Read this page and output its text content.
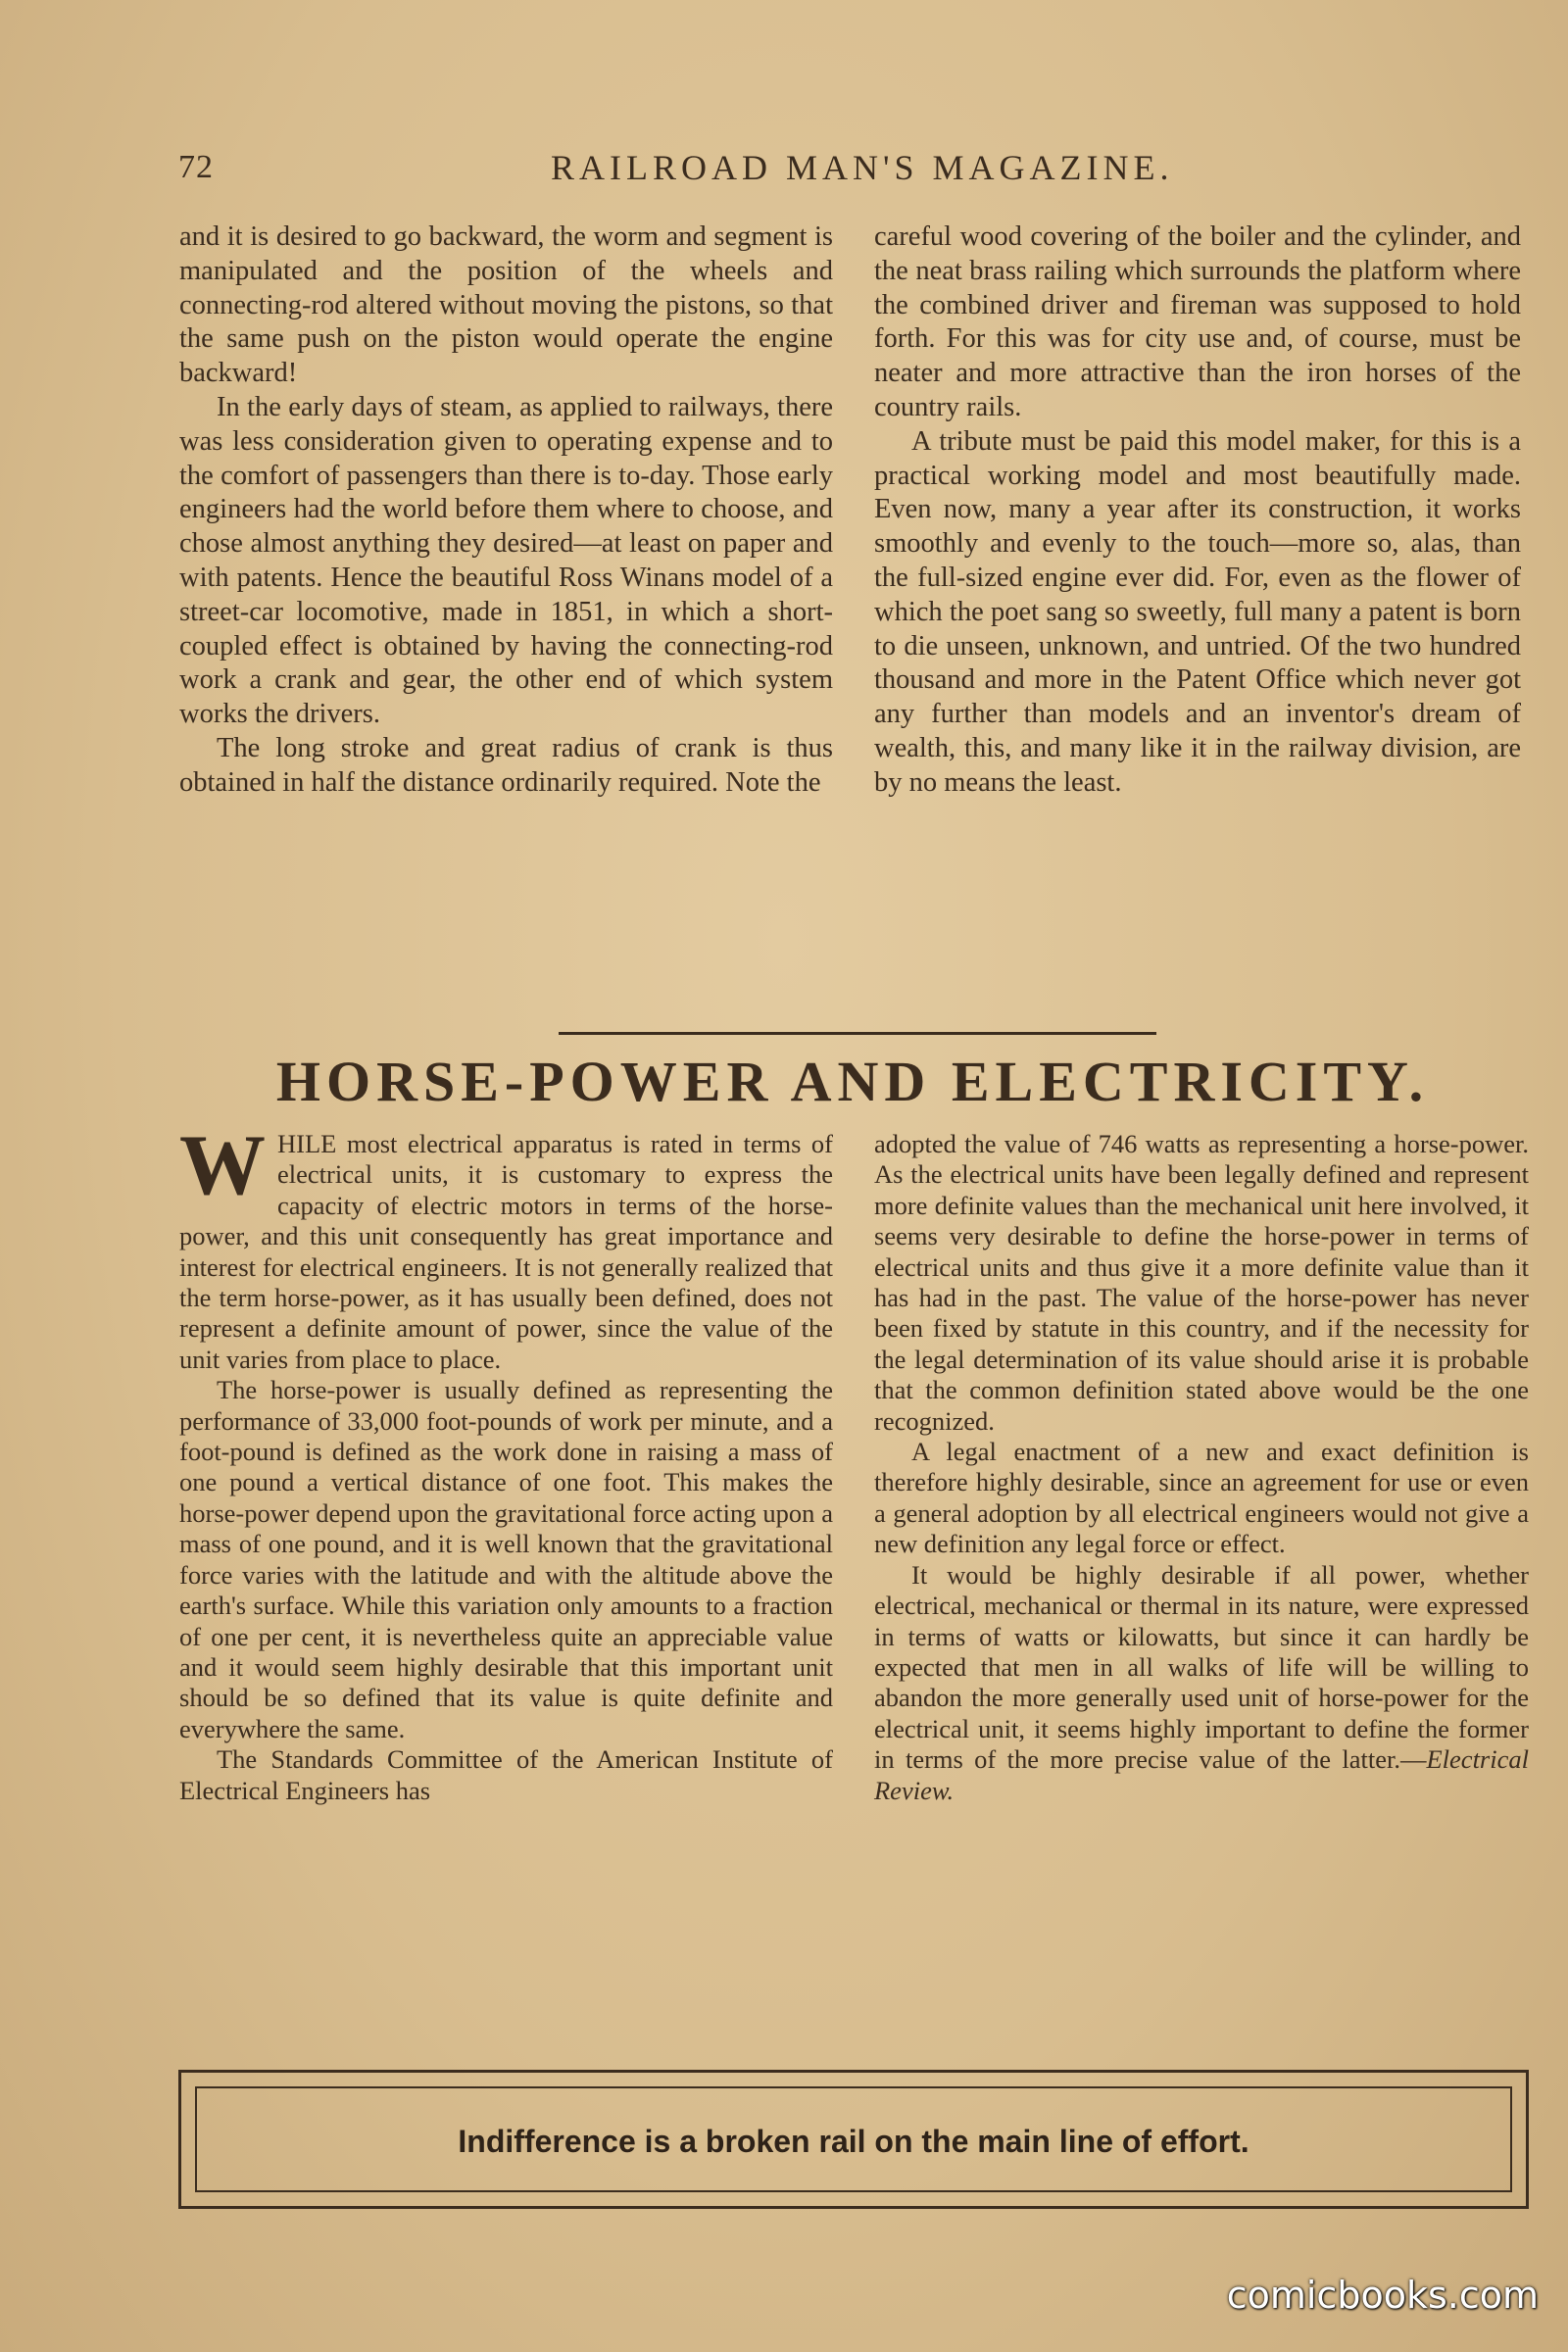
72	RAILROAD MAN'S MAGAZINE.

and it is desired to go backward, the worm and segment is manipulated and the position of the wheels and connecting-rod altered without moving the pistons, so that the same push on the piston would operate the engine backward!

In the early days of steam, as applied to railways, there was less consideration given to operating expense and to the comfort of passengers than there is to-day. Those early engineers had the world before them where to choose, and chose almost anything they desired—at least on paper and with patents. Hence the beautiful Ross Winans model of a street-car locomotive, made in 1851, in which a short-coupled effect is obtained by having the connecting-rod work a crank and gear, the other end of which system works the drivers.

The long stroke and great radius of crank is thus obtained in half the distance ordinarily required. Note the

careful wood covering of the boiler and the cylinder, and the neat brass railing which surrounds the platform where the combined driver and fireman was supposed to hold forth. For this was for city use and, of course, must be neater and more attractive than the iron horses of the country rails.

A tribute must be paid this model maker, for this is a practical working model and most beautifully made. Even now, many a year after its construction, it works smoothly and evenly to the touch—more so, alas, than the full-sized engine ever did. For, even as the flower of which the poet sang so sweetly, full many a patent is born to die unseen, unknown, and untried. Of the two hundred thousand and more in the Patent Office which never got any further than models and an inventor's dream of wealth, this, and many like it in the railway division, are by no means the least.

HORSE-POWER AND ELECTRICITY.

WHILE most electrical apparatus is rated in terms of electrical units, it is customary to express the capacity of electric motors in terms of the horse-power, and this unit consequently has great importance and interest for electrical engineers. It is not generally realized that the term horse-power, as it has usually been defined, does not represent a definite amount of power, since the value of the unit varies from place to place.

The horse-power is usually defined as representing the performance of 33,000 foot-pounds of work per minute, and a foot-pound is defined as the work done in raising a mass of one pound a vertical distance of one foot. This makes the horse-power depend upon the gravitational force acting upon a mass of one pound, and it is well known that the gravitational force varies with the latitude and with the altitude above the earth's surface. While this variation only amounts to a fraction of one per cent, it is nevertheless quite an appreciable value and it would seem highly desirable that this important unit should be so defined that its value is quite definite and everywhere the same.

The Standards Committee of the American Institute of Electrical Engineers has

adopted the value of 746 watts as representing a horse-power. As the electrical units have been legally defined and represent more definite values than the mechanical unit here involved, it seems very desirable to define the horse-power in terms of electrical units and thus give it a more definite value than it has had in the past. The value of the horse-power has never been fixed by statute in this country, and if the necessity for the legal determination of its value should arise it is probable that the common definition stated above would be the one recognized.

A legal enactment of a new and exact definition is therefore highly desirable, since an agreement for use or even a general adoption by all electrical engineers would not give a new definition any legal force or effect.

It would be highly desirable if all power, whether electrical, mechanical or thermal in its nature, were expressed in terms of watts or kilowatts, but since it can hardly be expected that men in all walks of life will be willing to abandon the more generally used unit of horse-power for the electrical unit, it seems highly important to define the former in terms of the more precise value of the latter.—Electrical Review.

Indifference is a broken rail on the main line of effort.
comicbooks.com
